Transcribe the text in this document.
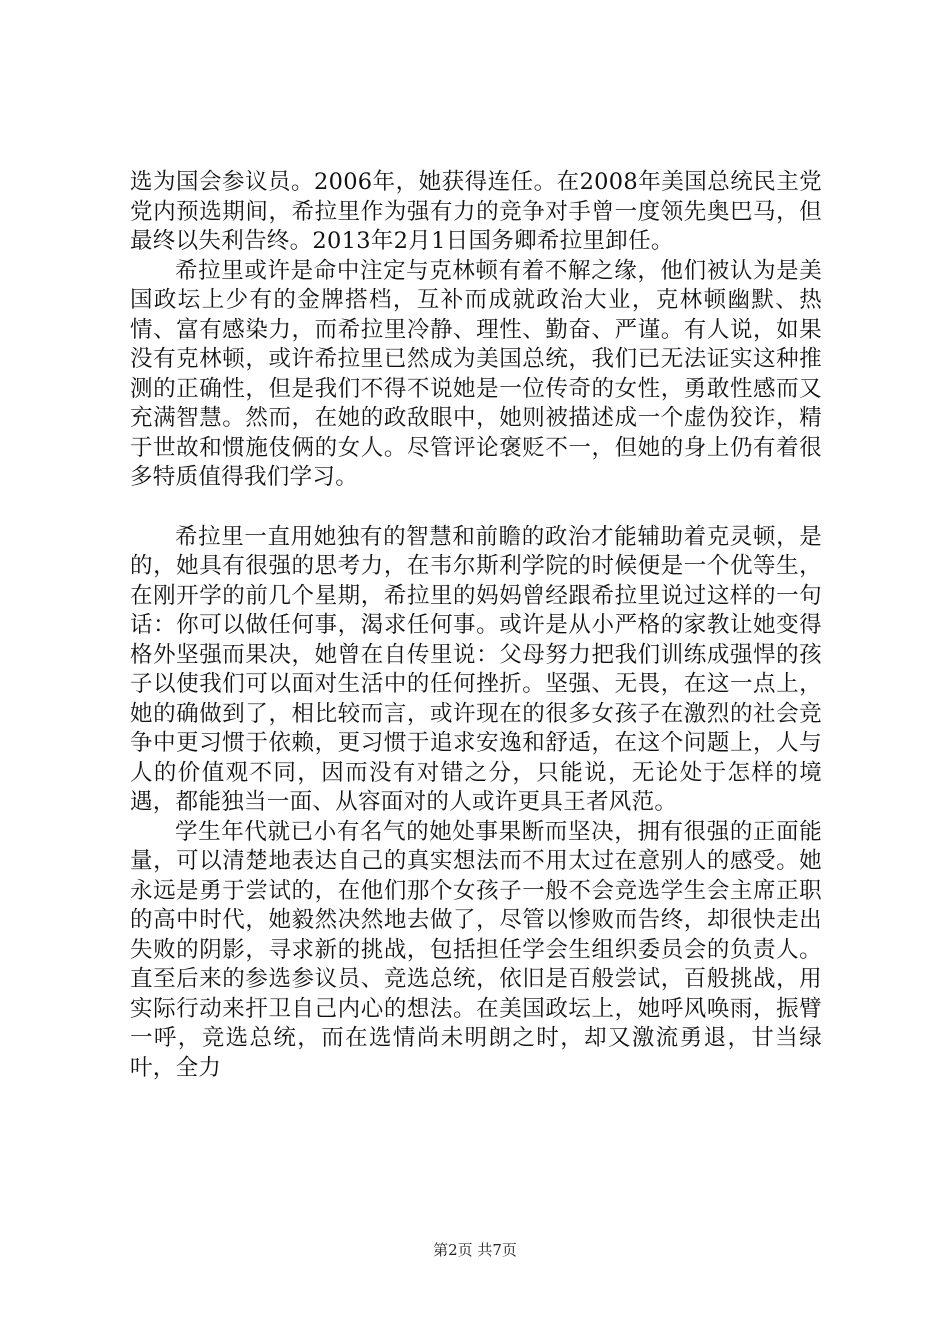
选为国会参议员。2006年，她获得连任。在2008年美国总统民主党党内预选期间，希拉里作为强有力的竞争对手曾一度领先奥巴马，但最终以失利告终。2013年2月1日国务卿希拉里卸任。

希拉里或许是命中注定与克林顿有着不解之缘，他们被认为是美国政坛上少有的金牌搭档，互补而成就政治大业，克林顿幽默、热情、富有感染力，而希拉里冷静、理性、勤奋、严谨。有人说，如果没有克林顿，或许希拉里已然成为美国总统，我们已无法证实这种推测的正确性，但是我们不得不说她是一位传奇的女性，勇敢性感而又充满智慧。然而，在她的政敌眼中，她则被描述成一个虚伪狡诈，精于世故和惯施伎俩的女人。尽管评论褒贬不一，但她的身上仍有着很多特质值得我们学习。

希拉里一直用她独有的智慧和前瞻的政治才能辅助着克灵顿，是的，她具有很强的思考力，在韦尔斯利学院的时候便是一个优等生，在刚开学的前几个星期，希拉里的妈妈曾经跟希拉里说过这样的一句话：你可以做任何事，渴求任何事。或许是从小严格的家教让她变得格外坚强而果决，她曾在自传里说：父母努力把我们训练成强悍的孩子以使我们可以面对生活中的任何挫折。坚强、无畏，在这一点上，她的确做到了，相比较而言，或许现在的很多女孩子在激烈的社会竞争中更习惯于依赖，更习惯于追求安逸和舒适，在这个问题上，人与人的价值观不同，因而没有对错之分，只能说，无论处于怎样的境遇，都能独当一面、从容面对的人或许更具王者风范。

学生年代就已小有名气的她处事果断而坚决，拥有很强的正面能量，可以清楚地表达自己的真实想法而不用太过在意别人的感受。她永远是勇于尝试的，在他们那个女孩子一般不会竞选学生会主席正职的高中时代，她毅然决然地去做了，尽管以惨败而告终，却很快走出失败的阴影，寻求新的挑战，包括担任学会生组织委员会的负责人。直至后来的参选参议员、竞选总统，依旧是百般尝试，百般挑战，用实际行动来扞卫自己内心的想法。在美国政坛上，她呼风唤雨，振臂一呼，竞选总统，而在选情尚未明朗之时，却又激流勇退，甘当绿叶，全力

第2页 共7页
